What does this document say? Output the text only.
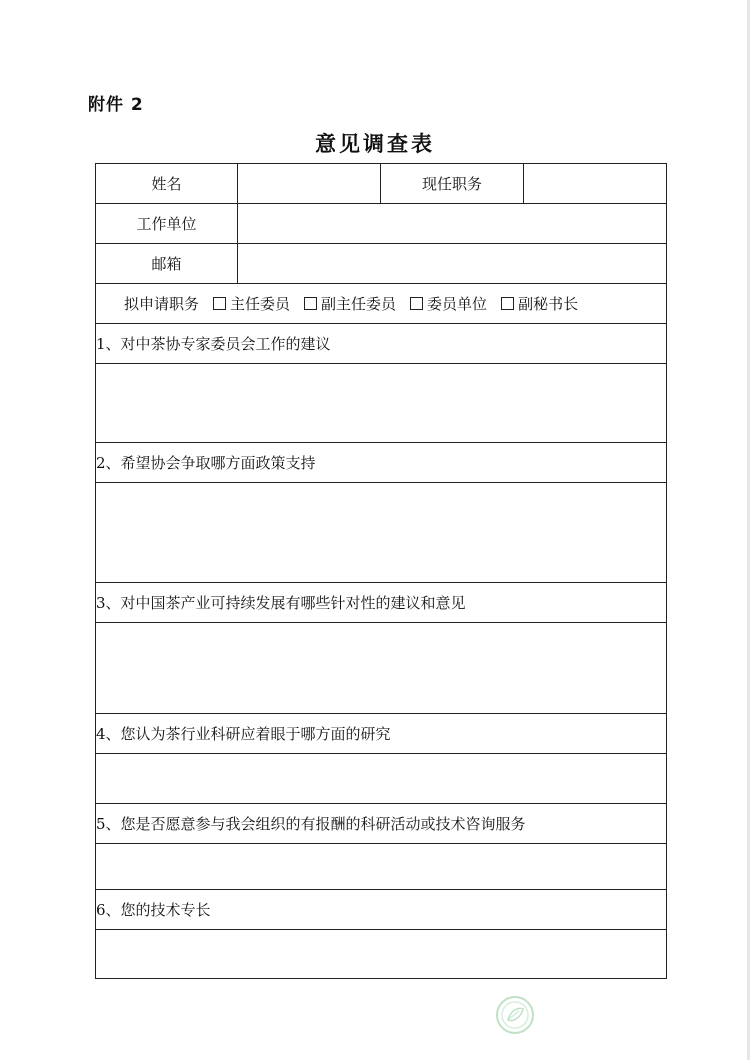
附件 2
意见调查表
姓名		现任职务	
工作单位			
邮箱			

拟申请职务 主任委员 副主任委员 委员单位 副秘书长			

1、对中茶协专家委员会工作的建议			

2、希望协会争取哪方面政策支持			

3、对中国茶产业可持续发展有哪些针对性的建议和意见			

4、您认为茶行业科研应着眼于哪方面的研究			

5、您是否愿意参与我会组织的有报酬的科研活动或技术咨询服务			

6、您的技术专长			
